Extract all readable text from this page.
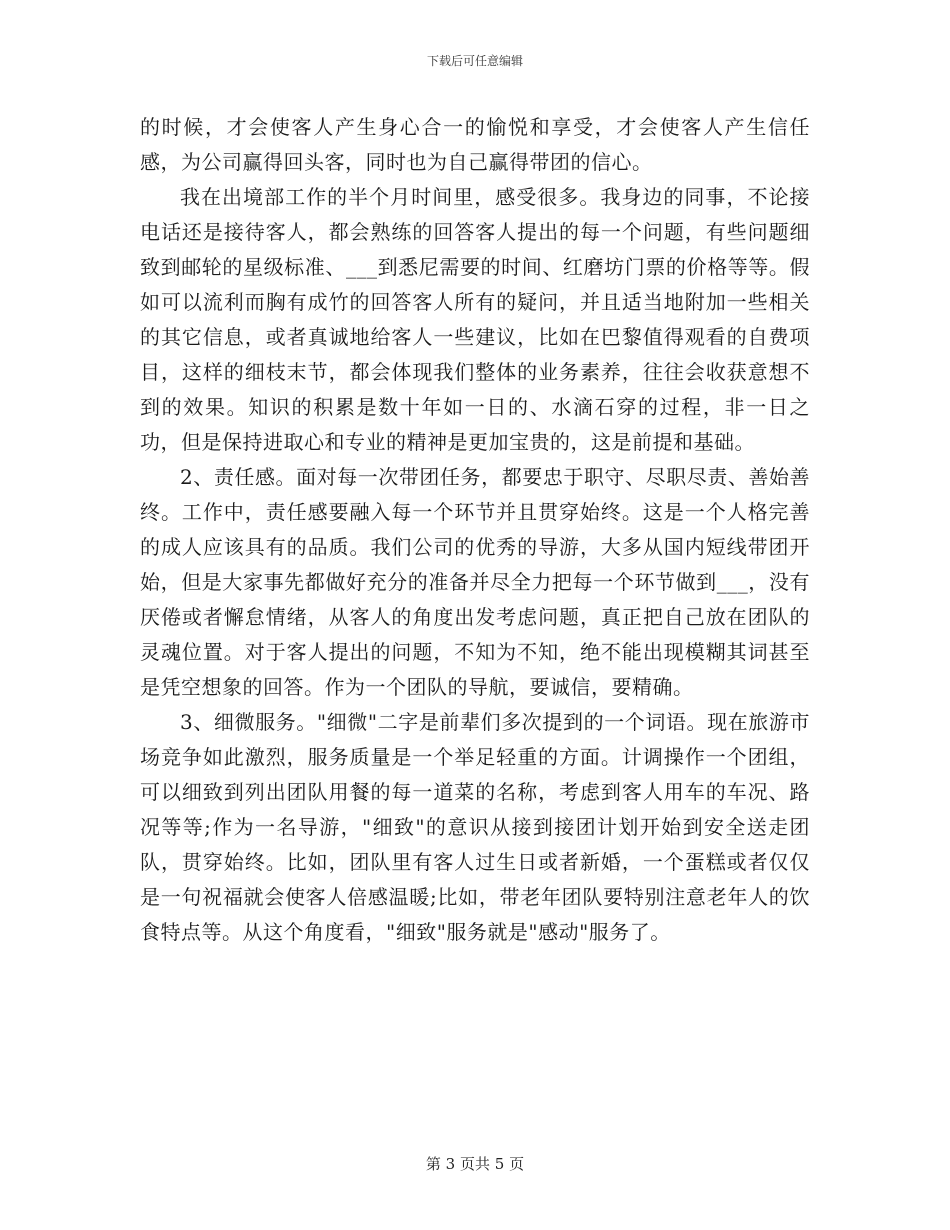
下载后可任意编辑

的时候，才会使客人产生身心合一的愉悦和享受，才会使客人产生信任感，为公司赢得回头客，同时也为自己赢得带团的信心。

我在出境部工作的半个月时间里，感受很多。我身边的同事，不论接电话还是接待客人，都会熟练的回答客人提出的每一个问题，有些问题细致到邮轮的星级标准、___到悉尼需要的时间、红磨坊门票的价格等等。假如可以流利而胸有成竹的回答客人所有的疑问，并且适当地附加一些相关的其它信息，或者真诚地给客人一些建议，比如在巴黎值得观看的自费项目，这样的细枝末节，都会体现我们整体的业务素养，往往会收获意想不到的效果。知识的积累是数十年如一日的、水滴石穿的过程，非一日之功，但是保持进取心和专业的精神是更加宝贵的，这是前提和基础。

2、责任感。面对每一次带团任务，都要忠于职守、尽职尽责、善始善终。工作中，责任感要融入每一个环节并且贯穿始终。这是一个人格完善的成人应该具有的品质。我们公司的优秀的导游，大多从国内短线带团开始，但是大家事先都做好充分的准备并尽全力把每一个环节做到___，没有厌倦或者懈怠情绪，从客人的角度出发考虑问题，真正把自己放在团队的灵魂位置。对于客人提出的问题，不知为不知，绝不能出现模糊其词甚至是凭空想象的回答。作为一个团队的导航，要诚信，要精确。

3、细微服务。"细微"二字是前辈们多次提到的一个词语。现在旅游市场竞争如此激烈，服务质量是一个举足轻重的方面。计调操作一个团组，可以细致到列出团队用餐的每一道菜的名称，考虑到客人用车的车况、路况等等;作为一名导游，"细致"的意识从接到接团计划开始到安全送走团队，贯穿始终。比如，团队里有客人过生日或者新婚，一个蛋糕或者仅仅是一句祝福就会使客人倍感温暖;比如，带老年团队要特别注意老年人的饮食特点等。从这个角度看，"细致"服务就是"感动"服务了。

第 3 页共 5 页
